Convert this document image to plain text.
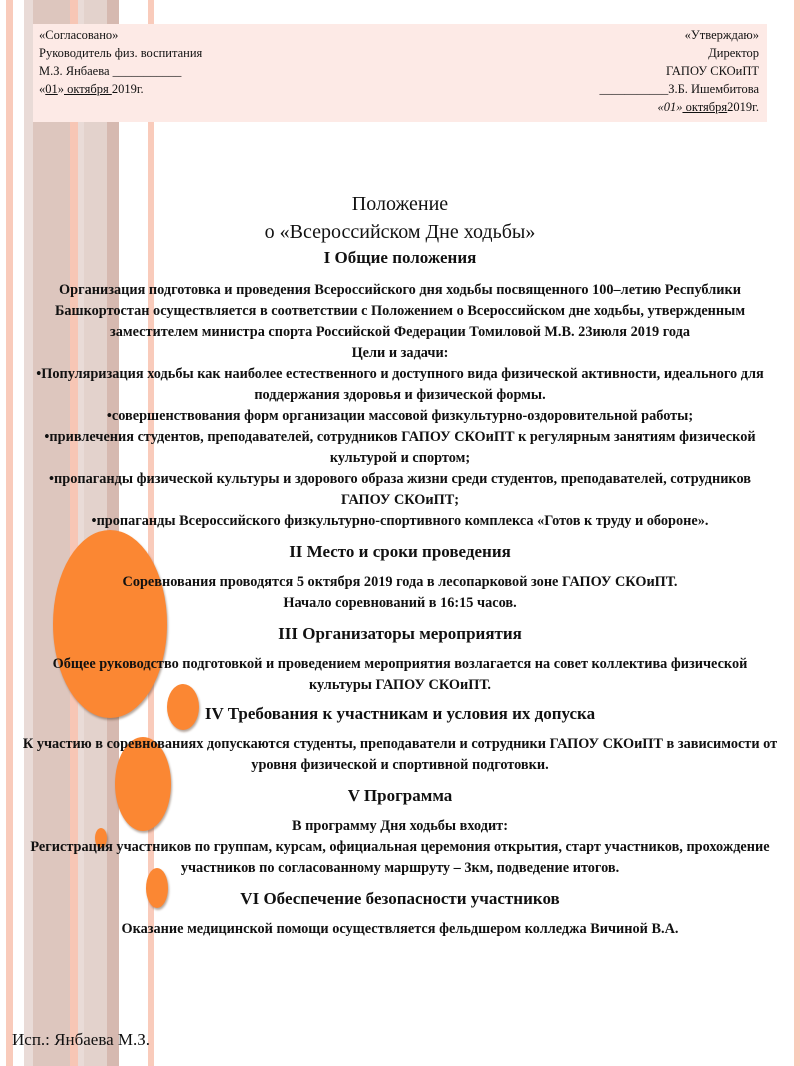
«Согласовано»
Руководитель физ. воспитания
М.З. Янбаева ___________
«01» октября 2019г.
«Утверждаю»
Директор
ГАПОУ СКОиПТ
___________З.Б. Ишембитова
«01» октября2019г.
Положение
о «Всероссийском Дне ходьбы»
I Общие положения
Организация подготовка и проведения Всероссийского дня ходьбы посвященного 100–летию Республики Башкортостан осуществляется в соответствии с Положением о Всероссийском дне ходьбы, утвержденным заместителем министра спорта Российской Федерации Томиловой М.В. 23июля 2019 года
Цели и задачи:
•Популяризация ходьбы как наиболее естественного и доступного вида физической активности, идеального для поддержания здоровья и физической формы.
•совершенствования форм организации массовой физкультурно-оздоровительной работы;
•привлечения студентов, преподавателей, сотрудников ГАПОУ СКОиПТ к регулярным занятиям физической культурой и спортом;
•пропаганды физической культуры и здорового образа жизни среди студентов, преподавателей, сотрудников ГАПОУ СКОиПТ;
•пропаганды Всероссийского физкультурно-спортивного комплекса «Готов к труду и обороне».
II Место и сроки проведения
Соревнования проводятся 5 октября 2019 года в лесопарковой зоне ГАПОУ СКОиПТ.
Начало соревнований в 16:15 часов.
III Организаторы мероприятия
Общее руководство подготовкой и проведением мероприятия возлагается на совет коллектива физической культуры ГАПОУ СКОиПТ.
IV Требования к участникам и условия их допуска
К участию в соревнованиях допускаются студенты, преподаватели и сотрудники ГАПОУ СКОиПТ в зависимости от уровня физической и спортивной подготовки.
V Программа
В программу Дня ходьбы входит:
Регистрация участников по группам, курсам, официальная церемония открытия, старт участников, прохождение участников по согласованному маршруту – 3км, подведение итогов.
VI Обеспечение безопасности участников
Оказание медицинской помощи осуществляется фельдшером колледжа Вичиной В.А.
Исп.: Янбаева М.З.
